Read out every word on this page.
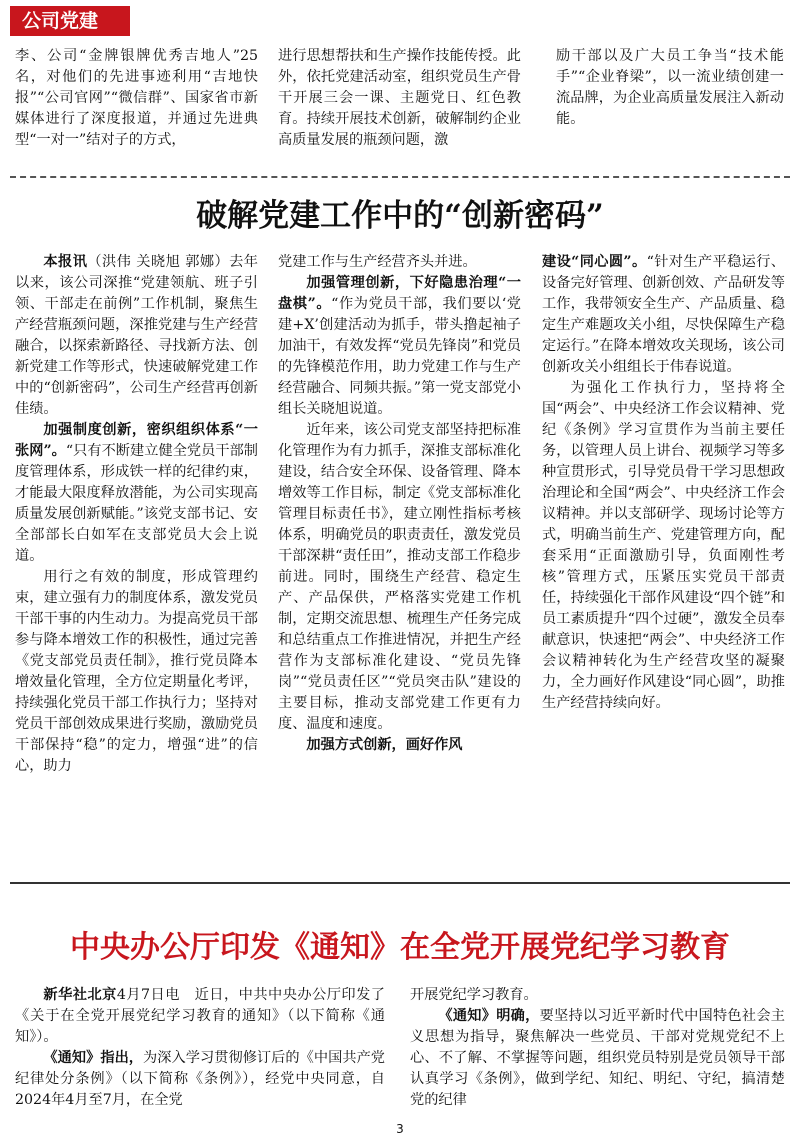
公司党建

李、公司“金牌银牌优秀吉地人”25名，对他们的先进事迹利用“吉地快报”“公司官网”“微信群”、国家省市新媒体进行了深度报道，并通过先进典型“一对一”结对子的方式，

进行思想帮扶和生产操作技能传授。此外，依托党建活动室，组织党员生产骨干开展三会一课、主题党日、红色教育。持续开展技术创新，破解制约企业高质量发展的瓶颈问题，激

励干部以及广大员工争当“技术能手”“企业脊梁”，以一流业绩创建一流品牌，为企业高质量发展注入新动能。

破解党建工作中的“创新密码”

本报讯（洪伟 关晓旭 郭娜）去年以来，该公司深推“党建领航、班子引领、干部走在前例”工作机制，聚焦生产经营瓶颈问题，深推党建与生产经营融合，以探索新路径、寻找新方法、创新党建工作等形式，快速破解党建工作中的“创新密码”，公司生产经营再创新佳绩。

加强制度创新，密织组织体系“一张网”。“只有不断建立健全党员干部制度管理体系，形成铁一样的纪律约束，才能最大限度释放潜能，为公司实现高质量发展创新赋能。”该党支部书记、安全部部长白如军在支部党员大会上说道。

用行之有效的制度，形成管理约束，建立强有力的制度体系，激发党员干部干事的内生动力。为提高党员干部参与降本增效工作的积极性，通过完善《党支部党员责任制》，推行党员降本增效量化管理，全方位定期量化考评，持续强化党员干部工作执行力；坚持对党员干部创效成果进行奖励，激励党员干部保持“稳”的定力，增强“进”的信心，助力

党建工作与生产经营齐头并进。

加强管理创新，下好隐患治理“一盘棋”。“作为党员干部，我们要以‘党建+X’创建活动为抓手，带头撸起袖子加油干，有效发挥“党员先锋岗”和党员的先锋模范作用，助力党建工作与生产经营融合、同频共振。”第一党支部党小组长关晓旭说道。

近年来，该公司党支部坚持把标准化管理作为有力抓手，深推支部标准化建设，结合安全环保、设备管理、降本增效等工作目标，制定《党支部标准化管理目标责任书》，建立刚性指标考核体系，明确党员的职责责任，激发党员干部深耕“责任田”，推动支部工作稳步前进。同时，围绕生产经营、稳定生产、产品保供，严格落实党建工作机制，定期交流思想、梳理生产任务完成和总结重点工作推进情况，并把生产经营作为支部标准化建设、“党员先锋岗”“党员责任区”“党员突击队”建设的主要目标，推动支部党建工作更有力度、温度和速度。

加强方式创新，画好作风

建设“同心圆”。“针对生产平稳运行、设备完好管理、创新创效、产品研发等工作，我带领安全生产、产品质量、稳定生产难题攻关小组，尽快保障生产稳定运行。”在降本增效攻关现场，该公司创新攻关小组组长于伟春说道。

为强化工作执行力，坚持将全国“两会”、中央经济工作会议精神、党纪《条例》学习宣贯作为当前主要任务，以管理人员上讲台、视频学习等多种宣贯形式，引导党员骨干学习思想政治理论和全国“两会”、中央经济工作会议精神。并以支部研学、现场讨论等方式，明确当前生产、党建管理方向，配套采用“正面激励引导，负面刚性考核”管理方式，压紧压实党员干部责任，持续强化干部作风建设“四个链”和员工素质提升“四个过硬”，激发全员奉献意识，快速把“两会”、中央经济工作会议精神转化为生产经营攻坚的凝聚力，全力画好作风建设“同心圆”，助推生产经营持续向好。

中央办公厅印发《通知》在全党开展党纪学习教育

新华社北京4月7日电　近日，中共中央办公厅印发了《关于在全党开展党纪学习教育的通知》（以下简称《通知》）。

《通知》指出，为深入学习贯彻修订后的《中国共产党纪律处分条例》（以下简称《条例》），经党中央同意，自2024年4月至7月，在全党

开展党纪学习教育。

《通知》明确，要坚持以习近平新时代中国特色社会主义思想为指导，聚焦解决一些党员、干部对党规党纪不上心、不了解、不掌握等问题，组织党员特别是党员领导干部认真学习《条例》，做到学纪、知纪、明纪、守纪，搞清楚党的纪律

3
